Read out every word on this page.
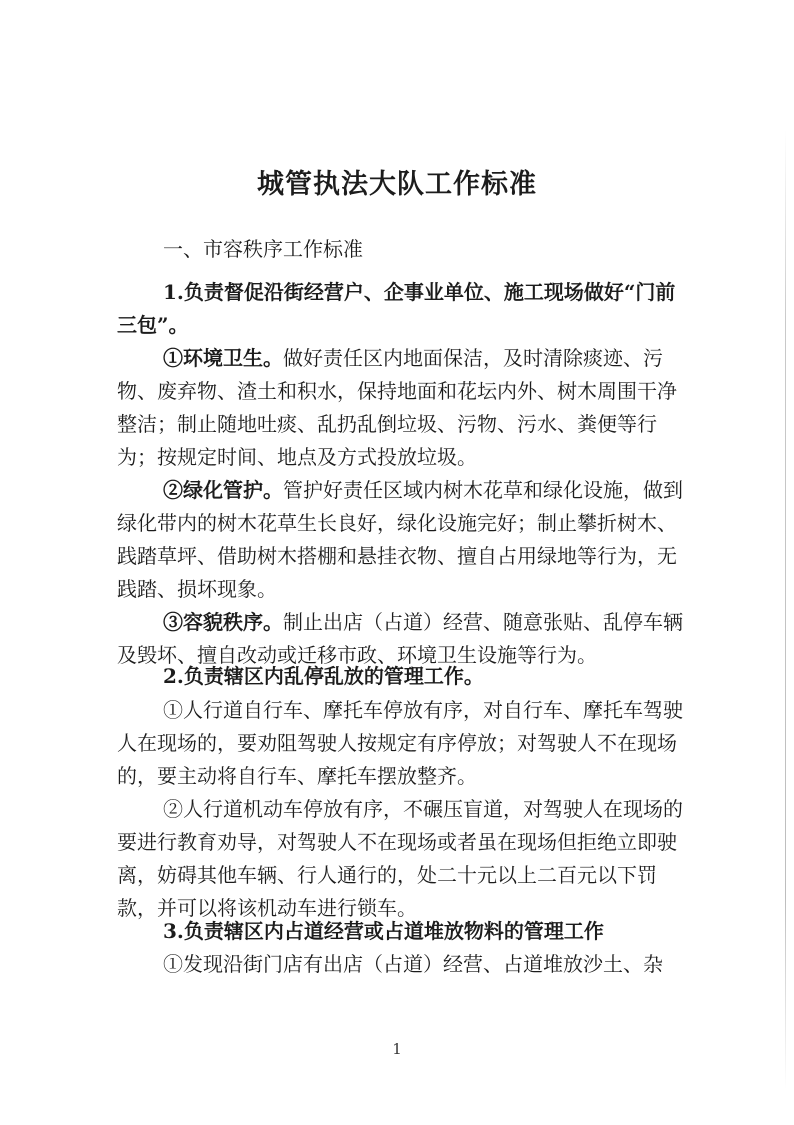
城管执法大队工作标准
一、市容秩序工作标准
1.负责督促沿街经营户、企事业单位、施工现场做好“门前三包”。
①环境卫生。做好责任区内地面保洁，及时清除痰迹、污物、废弃物、渣土和积水，保持地面和花坛内外、树木周围干净整洁；制止随地吐痰、乱扔乱倒垃圾、污物、污水、粪便等行为；按规定时间、地点及方式投放垃圾。
②绿化管护。管护好责任区域内树木花草和绿化设施，做到绿化带内的树木花草生长良好，绿化设施完好；制止攀折树木、践踏草坪、借助树木搭棚和悬挂衣物、擅自占用绿地等行为，无践踏、损坏现象。
③容貌秩序。制止出店（占道）经营、随意张贴、乱停车辆及毁坏、擅自改动或迁移市政、环境卫生设施等行为。
2.负责辖区内乱停乱放的管理工作。
①人行道自行车、摩托车停放有序，对自行车、摩托车驾驶人在现场的，要劝阻驾驶人按规定有序停放；对驾驶人不在现场的，要主动将自行车、摩托车摆放整齐。
②人行道机动车停放有序，不碾压盲道，对驾驶人在现场的要进行教育劝导，对驾驶人不在现场或者虽在现场但拒绝立即驶离，妨碍其他车辆、行人通行的，处二十元以上二百元以下罚款，并可以将该机动车进行锁车。
3.负责辖区内占道经营或占道堆放物料的管理工作
①发现沿街门店有出店（占道）经营、占道堆放沙土、杂
1
